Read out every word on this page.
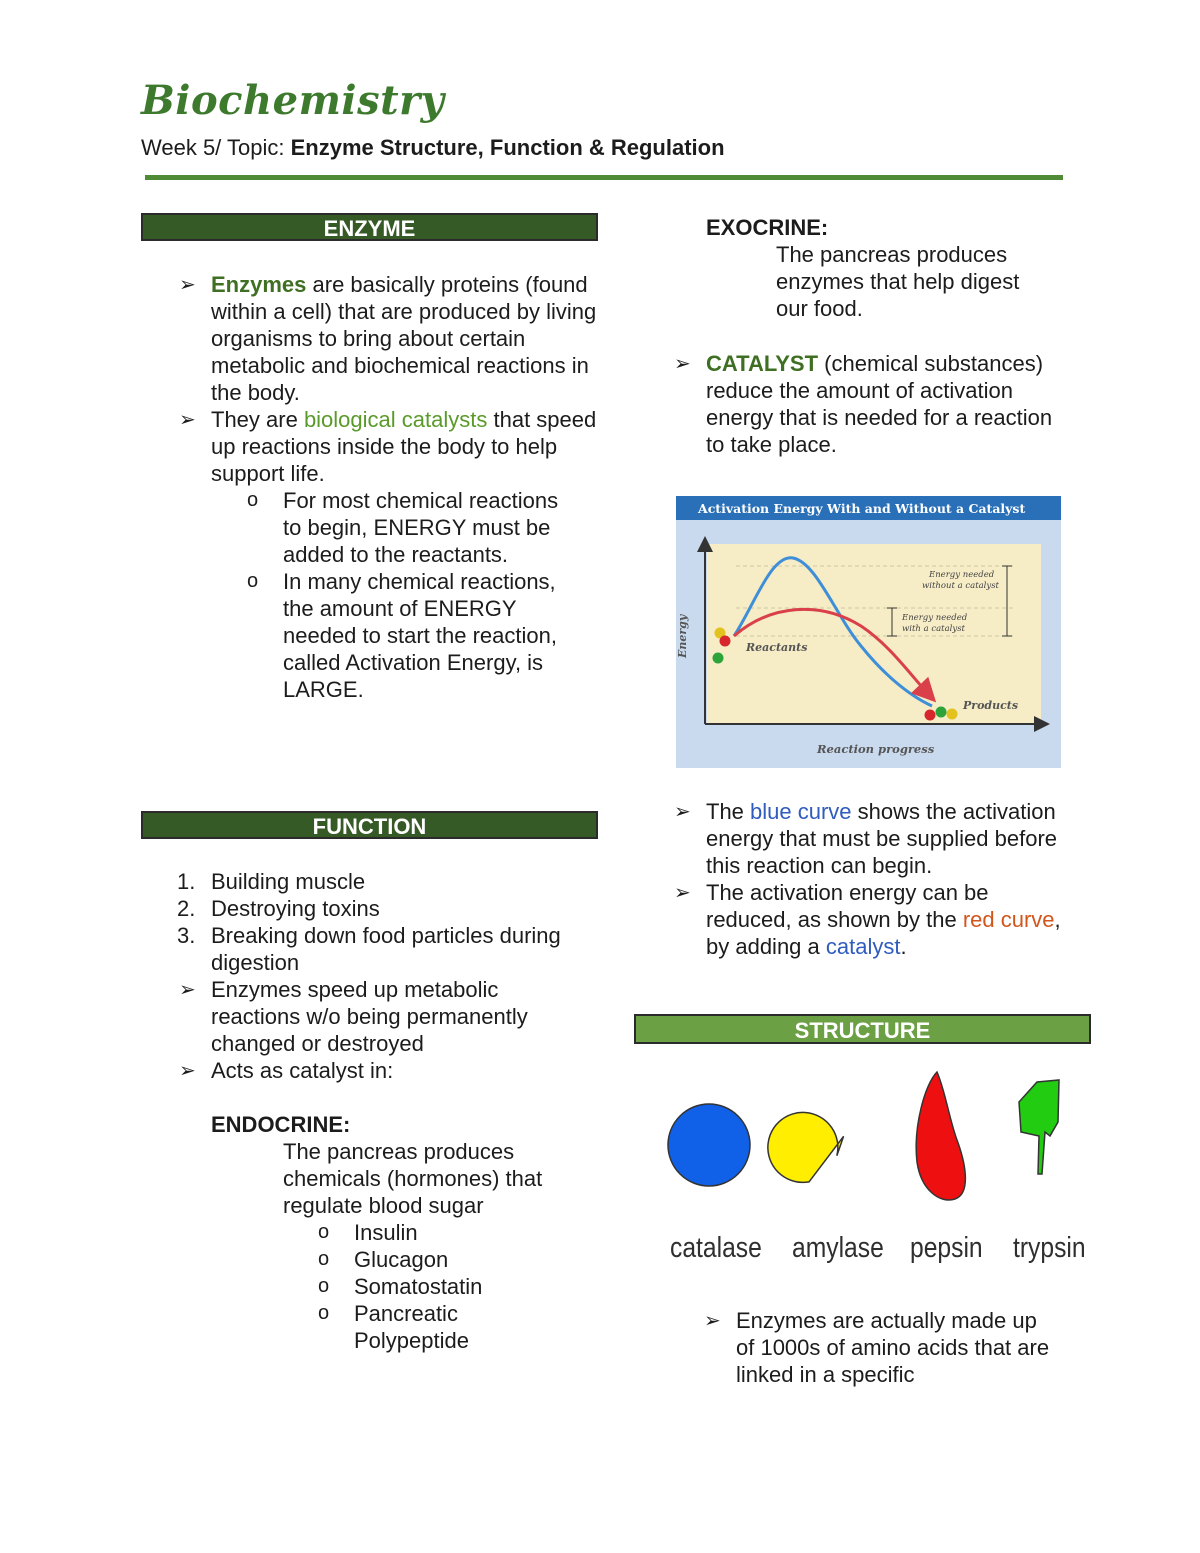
Biochemistry
Week 5/ Topic: Enzyme Structure, Function & Regulation
ENZYME
➢ Enzymes are basically proteins (found within a cell) that are produced by living organisms to bring about certain metabolic and biochemical reactions in the body.
➢ They are biological catalysts that speed up reactions inside the body to help support life.
o For most chemical reactions to begin, ENERGY must be added to the reactants.
o In many chemical reactions, the amount of ENERGY needed to start the reaction, called Activation Energy, is LARGE.
FUNCTION
1. Building muscle
2. Destroying toxins
3. Breaking down food particles during digestion
➢ Enzymes speed up metabolic reactions w/o being permanently changed or destroyed
➢ Acts as catalyst in:
ENDOCRINE:
The pancreas produces chemicals (hormones) that regulate blood sugar
o Insulin
o Glucagon
o Somatostatin
o Pancreatic Polypeptide
EXOCRINE:
The pancreas produces enzymes that help digest our food.
➢ CATALYST (chemical substances) reduce the amount of activation energy that is needed for a reaction to take place.
Activation Energy With and Without a Catalyst
Energy
Reaction progress
Reactants
Products
Energy needed
without a catalyst
Energy needed
with a catalyst
➢ The blue curve shows the activation energy that must be supplied before this reaction can begin.
➢ The activation energy can be reduced, as shown by the red curve, by adding a catalyst.
STRUCTURE
catalase amylase pepsin trypsin
➢ Enzymes are actually made up of 1000s of amino acids that are linked in a specific
